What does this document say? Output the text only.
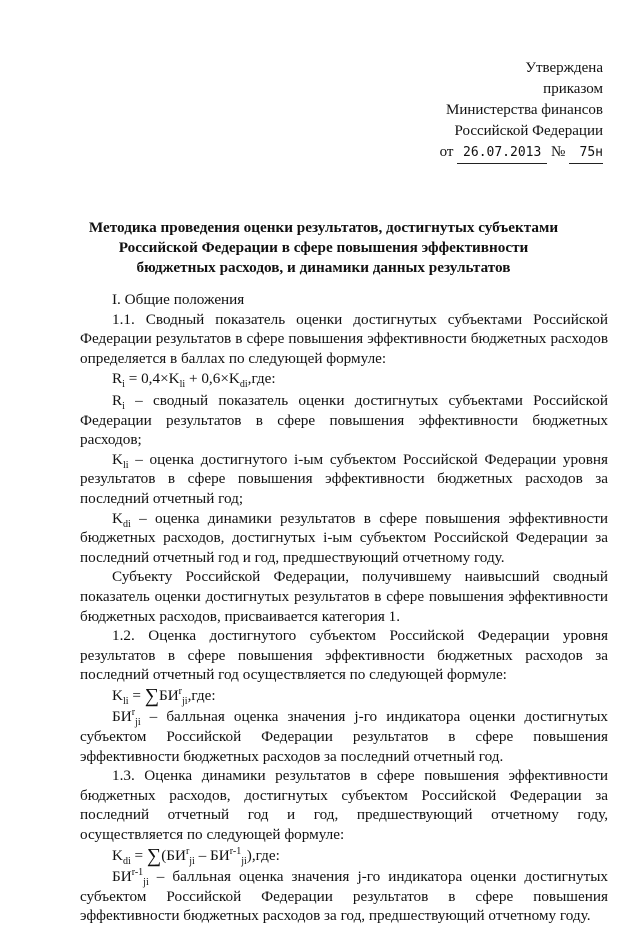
Утверждена
приказом
Министерства финансов
Российской Федерации
от 26.07.2013 № 75н
Методика проведения оценки результатов, достигнутых субъектами Российской Федерации в сфере повышения эффективности бюджетных расходов, и динамики данных результатов

I. Общие положения

1.1. Сводный показатель оценки достигнутых субъектами Российской Федерации результатов в сфере повышения эффективности бюджетных расходов определяется в баллах по следующей формуле:

$R_i = 0,4\times K_{li} + 0,6\times K_{di},где$:

$R_i$ – сводный показатель оценки достигнутых субъектами Российской Федерации результатов в сфере повышения эффективности бюджетных расходов;

$K_{li}$ – оценка достигнутого i-ым субъектом Российской Федерации уровня результатов в сфере повышения эффективности бюджетных расходов за последний отчетный год;

$K_{di}$ – оценка динамики результатов в сфере повышения эффективности бюджетных расходов, достигнутых i-ым субъектом Российской Федерации за последний отчетный год и год, предшествующий отчетному году.

Субъекту Российской Федерации, получившему наивысший сводный показатель оценки достигнутых результатов в сфере повышения эффективности бюджетных расходов, присваивается категория 1.

1.2. Оценка достигнутого субъектом Российской Федерации уровня результатов в сфере повышения эффективности бюджетных расходов за последний отчетный год осуществляется по следующей формуле:

$K_{li} = \sum БИ^r_{ji},где$:

$БИ^r_{ji}$ – балльная оценка значения j-го индикатора оценки достигнутых субъектом Российской Федерации результатов в сфере повышения эффективности бюджетных расходов за последний отчетный год.

1.3. Оценка динамики результатов в сфере повышения эффективности бюджетных расходов, достигнутых субъектом Российской Федерации за последний отчетный год и год, предшествующий отчетному году, осуществляется по следующей формуле:

$K_{di} = \sum(БИ^r_{ji} - БИ^{r-1}_{ji}),где$:

$БИ^{r-1}_{ji}$ – балльная оценка значения j-го индикатора оценки достигнутых субъектом Российской Федерации результатов в сфере повышения эффективности бюджетных расходов за год, предшествующий отчетному году.
